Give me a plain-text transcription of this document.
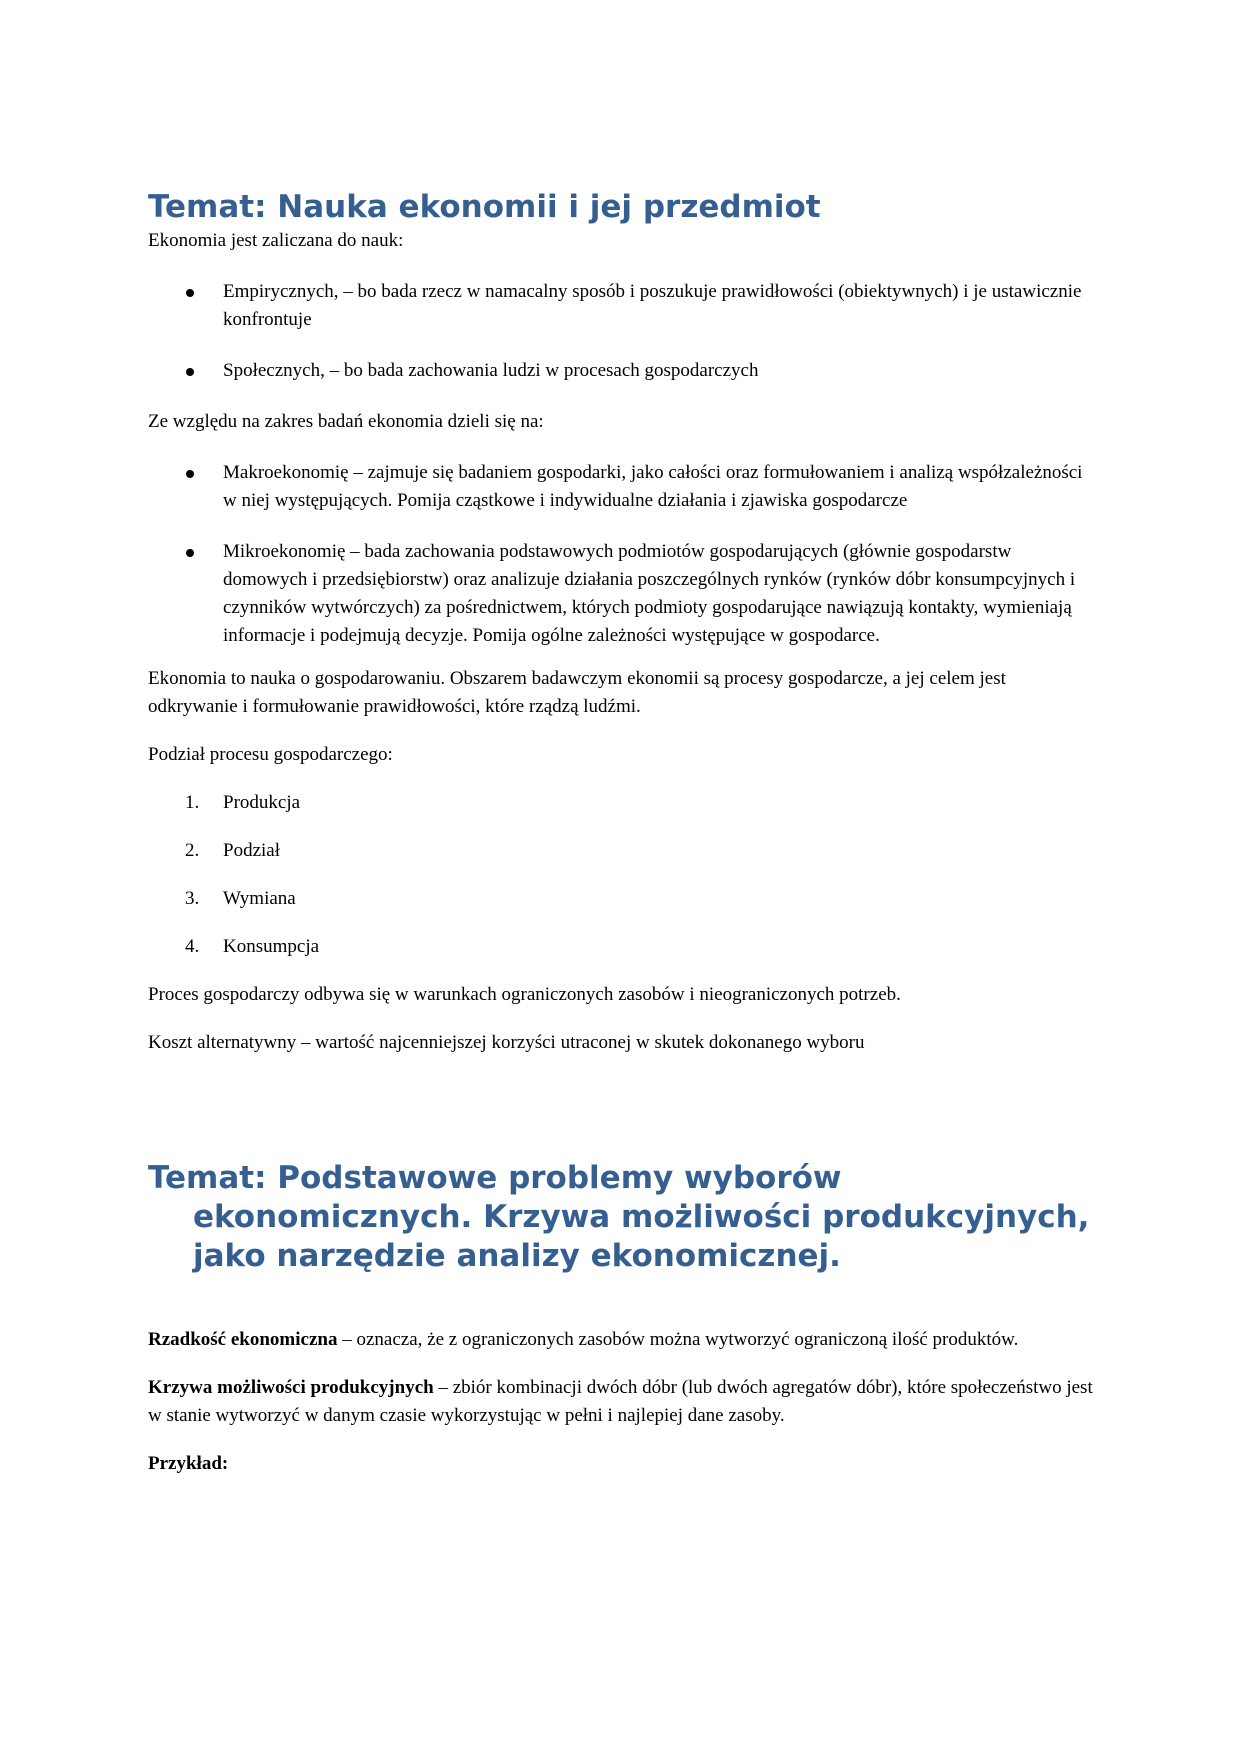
Temat: Nauka ekonomii i jej przedmiot

Ekonomia jest zaliczana do nauk:

Empirycznych, – bo bada rzecz w namacalny sposób i poszukuje prawidłowości (obiektywnych) i je ustawicznie konfrontuje
Społecznych, – bo bada zachowania ludzi w procesach gospodarczych

Ze względu na zakres badań ekonomia dzieli się na:

Makroekonomię – zajmuje się badaniem gospodarki, jako całości oraz formułowaniem i analizą współzależności w niej występujących. Pomija cząstkowe i indywidualne działania i zjawiska gospodarcze
Mikroekonomię – bada zachowania podstawowych podmiotów gospodarujących (głównie gospodarstw domowych i przedsiębiorstw) oraz analizuje działania poszczególnych rynków (rynków dóbr konsumpcyjnych i czynników wytwórczych) za pośrednictwem, których podmioty gospodarujące nawiązują kontakty, wymieniają informacje i podejmują decyzje. Pomija ogólne zależności występujące w gospodarce.

Ekonomia to nauka o gospodarowaniu. Obszarem badawczym ekonomii są procesy gospodarcze, a jej celem jest odkrywanie i formułowanie prawidłowości, które rządzą ludźmi.

Podział procesu gospodarczego:

1. Produkcja
2. Podział
3. Wymiana
4. Konsumpcja

Proces gospodarczy odbywa się w warunkach ograniczonych zasobów i nieograniczonych potrzeb.

Koszt alternatywny – wartość najcenniejszej korzyści utraconej w skutek dokonanego wyboru

Temat: Podstawowe problemy wyborów ekonomicznych. Krzywa możliwości produkcyjnych, jako narzędzie analizy ekonomicznej.

Rzadkość ekonomiczna – oznacza, że z ograniczonych zasobów można wytworzyć ograniczoną ilość produktów.

Krzywa możliwości produkcyjnych – zbiór kombinacji dwóch dóbr (lub dwóch agregatów dóbr), które społeczeństwo jest w stanie wytworzyć w danym czasie wykorzystując w pełni i najlepiej dane zasoby.

Przykład:
